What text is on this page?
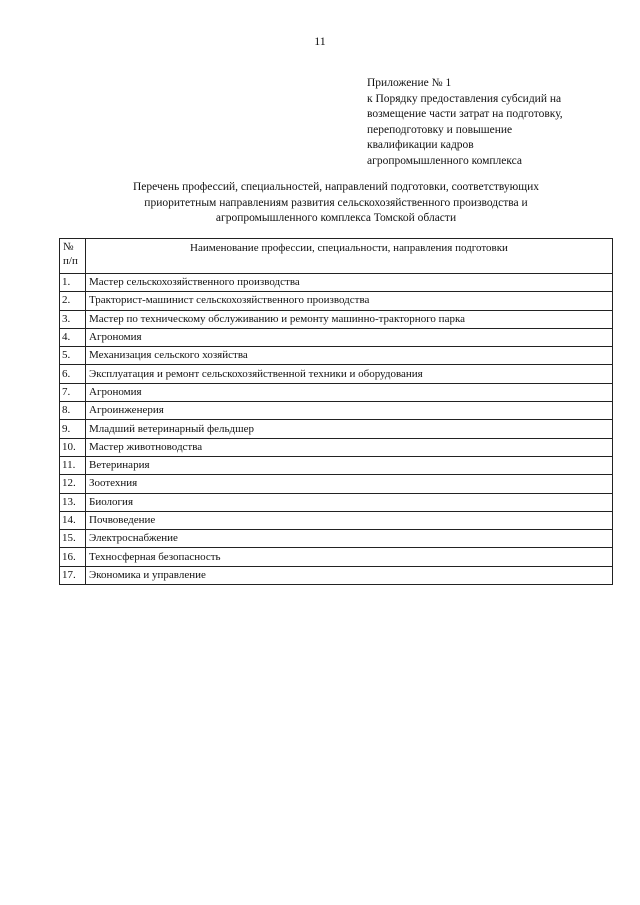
11
Приложение № 1
к Порядку предоставления субсидий на
возмещение части затрат на подготовку,
переподготовку и повышение
квалификации кадров
агропромышленного комплекса
Перечень профессий, специальностей, направлений подготовки, соответствующих
приоритетным направлениям развития сельскохозяйственного производства и
агропромышленного комплекса Томской области
№
п/п	Наименование профессии, специальности, направления подготовки
1.	Мастер сельскохозяйственного производства
2.	Тракторист-машинист сельскохозяйственного производства
3.	Мастер по техническому обслуживанию и ремонту машинно-тракторного парка
4.	Агрономия
5.	Механизация сельского хозяйства
6.	Эксплуатация и ремонт сельскохозяйственной техники и оборудования
7.	Агрономия
8.	Агроинженерия
9.	Младший ветеринарный фельдшер
10.	Мастер животноводства
11.	Ветеринария
12.	Зоотехния
13.	Биология
14.	Почвоведение
15.	Электроснабжение
16.	Техносферная безопасность
17.	Экономика и управление
